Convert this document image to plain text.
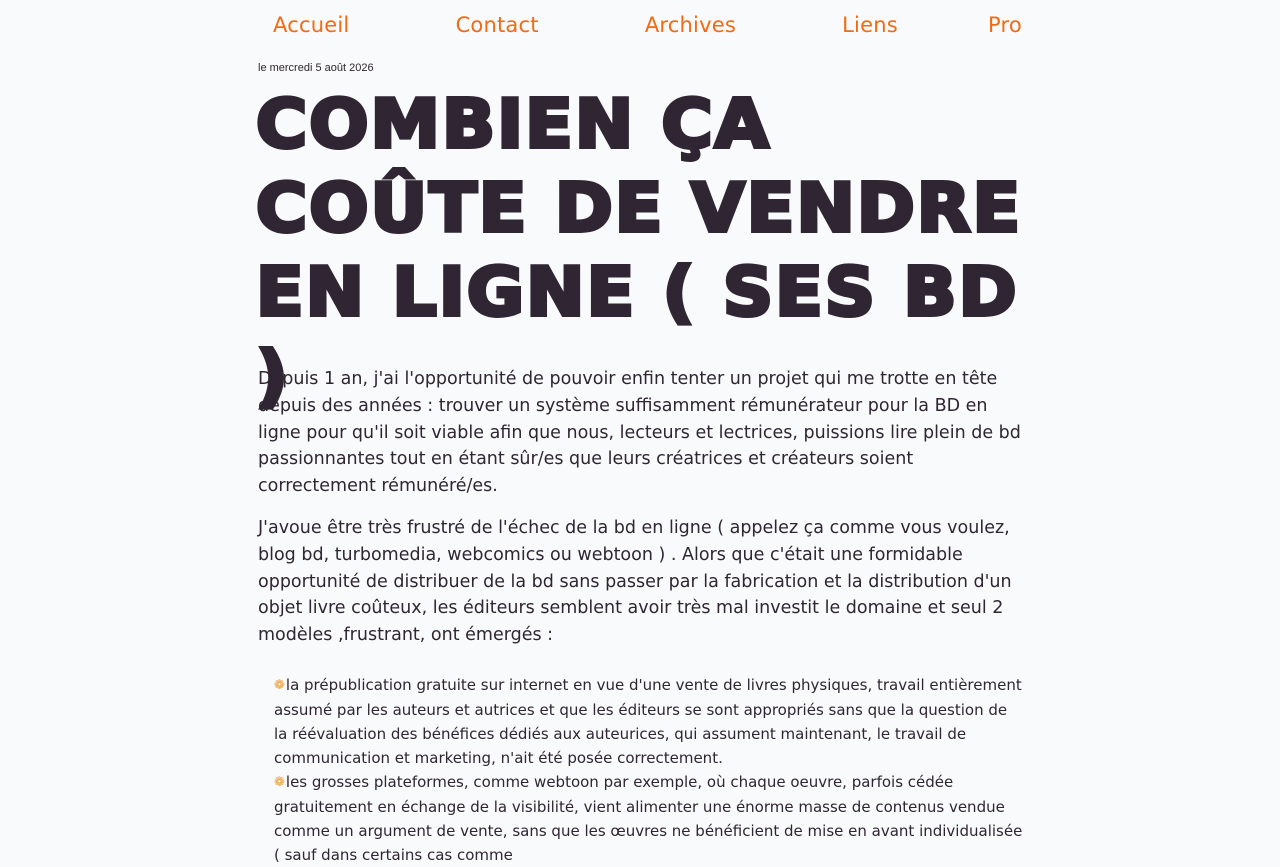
Accueil	Contact	Archives	Liens	Pro
le mercredi 5 août 2026
COMBIEN ÇA COÛTE DE VENDRE EN LIGNE ( SES BD )

Depuis 1 an, j'ai l'opportunité de pouvoir enfin tenter un projet qui me trotte en tête depuis des années : trouver un système suffisamment rémunérateur pour la BD en ligne pour qu'il soit viable afin que nous, lecteurs et lectrices, puissions lire plein de bd passionnantes tout en étant sûr/es que leurs créatrices et créateurs soient correctement rémunéré/es.

J'avoue être très frustré de l'échec de la bd en ligne ( appelez ça comme vous voulez, blog bd, turbomedia, webcomics ou webtoon ) . Alors que c'était une formidable opportunité de distribuer de la bd sans passer par la fabrication et la distribution d'un objet livre coûteux, les éditeurs semblent avoir très mal investit le domaine et seul 2 modèles ,frustrant, ont émergés :

❁la prépublication gratuite sur internet en vue d'une vente de livres physiques, travail entièrement assumé par les auteurs et autrices et que les éditeurs se sont appropriés sans que la question de la réévaluation des bénéfices dédiés aux auteurices, qui assument maintenant, le travail de communication et marketing, n'ait été posée correctement.
❁les grosses plateformes, comme webtoon par exemple, où chaque oeuvre, parfois cédée gratuitement en échange de la visibilité, vient alimenter une énorme masse de contenus vendue comme un argument de vente, sans que les œuvres ne bénéficient de mise en avant individualisée ( sauf dans certains cas comme
